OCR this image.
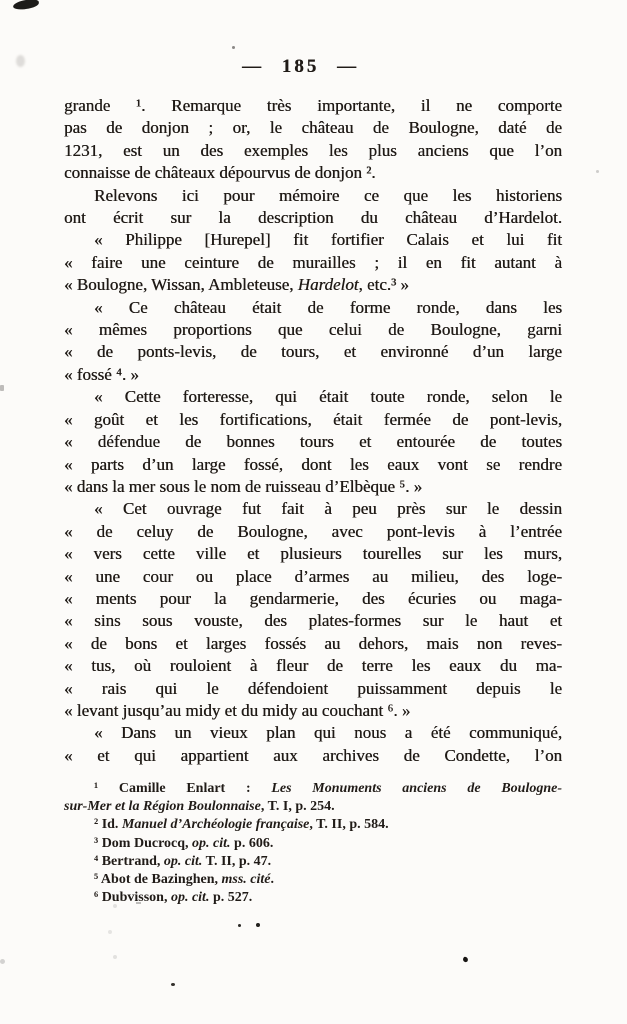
— 185 —
grande ¹. Remarque très importante, il ne comporte
pas de donjon ; or, le château de Boulogne, daté de
1231, est un des exemples les plus anciens que l’on
connaisse de châteaux dépourvus de donjon ².
Relevons ici pour mémoire ce que les historiens
ont écrit sur la description du château d’Hardelot.
« Philippe [Hurepel] fit fortifier Calais et lui fit
« faire une ceinture de murailles ; il en fit autant à
« Boulogne, Wissan, Ambleteuse, Hardelot, etc.³ »
« Ce château était de forme ronde, dans les
« mêmes proportions que celui de Boulogne, garni
« de ponts-levis, de tours, et environné d’un large
« fossé ⁴. »
« Cette forteresse, qui était toute ronde, selon le
« goût et les fortifications, était fermée de pont-levis,
« défendue de bonnes tours et entourée de toutes
« parts d’un large fossé, dont les eaux vont se rendre
« dans la mer sous le nom de ruisseau d’Elbèque ⁵. »
« Cet ouvrage fut fait à peu près sur le dessin
« de celuy de Boulogne, avec pont-levis à l’entrée
« vers cette ville et plusieurs tourelles sur les murs,
« une cour ou place d’armes au milieu, des loge-
« ments pour la gendarmerie, des écuries ou maga-
« sins sous vouste, des plates-formes sur le haut et
« de bons et larges fossés au dehors, mais non reves-
« tus, où rouloient à fleur de terre les eaux du ma-
« rais qui le défendoient puissamment depuis le
« levant jusqu’au midy et du midy au couchant ⁶. »
« Dans un vieux plan qui nous a été communiqué,
« et qui appartient aux archives de Condette, l’on
¹ Camille Enlart : Les Monuments anciens de Boulogne-
sur-Mer et la Région Boulonnaise, T. I, p. 254.
² Id. Manuel d’Archéologie française, T. II, p. 584.
³ Dom Ducrocq, op. cit. p. 606.
⁴ Bertrand, op. cit. T. II, p. 47.
⁵ Abot de Bazinghen, mss. cité.
⁶ Dubvisson, op. cit. p. 527.
